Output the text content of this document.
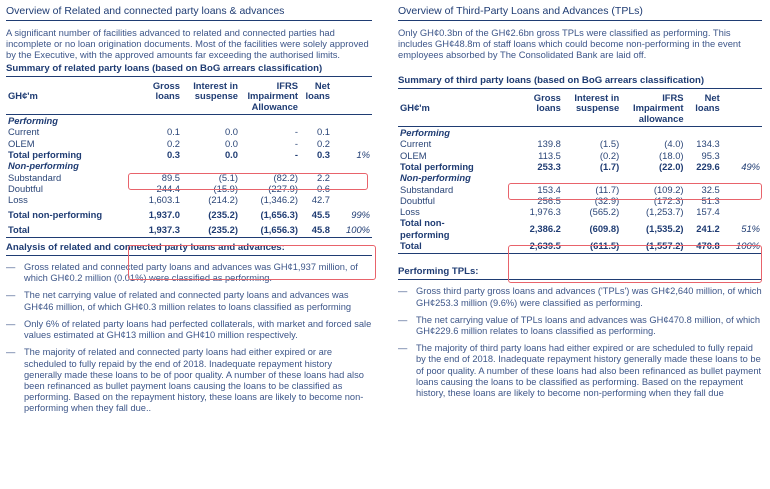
Overview of Related and connected party loans & advances
A significant number of facilities advanced to related and connected parties had incomplete or no loan origination documents. Most of the facilities were solely approved by the Executive, with the approved amounts far exceeding the authorised limits.
Summary of related party loans (based on BoG arrears classification)
GH¢'m	Gross loans	Interest in suspense	IFRS Impairment Allowance	Net loans	

Performing					
Current	0.1	0.0	-	0.1	
OLEM	0.2	0.0	-	0.2	
Total performing	0.3	0.0	-	0.3	1%
Non-performing					
Substandard	89.5	(5.1)	(82.2)	2.2	
Doubtful	244.4	(15.9)	(227.9)	0.6	
Loss	1,603.1	(214.2)	(1,346.2)	42.7	

Total non-performing	1,937.0	(235.2)	(1,656.3)	45.5	99%

Total	1,937.3	(235.2)	(1,656.3)	45.8	100%
Analysis of related and connected party loans and advances:
— Gross related and connected party loans and advances was GH¢1,937 million, of which GH¢0.2 million (0.01%) were classified as performing.
— The net carrying value of related and connected party loans and advances was GH¢46 million, of which GH¢0.3 million relates to loans classified as performing
— Only 6% of related party loans had perfected collaterals, with market and forced sale values estimated at GH¢13 million and GH¢10 million respectively.
— The majority of related and connected party loans had either expired or are scheduled to fully repaid by the end of 2018. Inadequate repayment history generally made these loans to be of poor quality. A number of these loans had also been refinanced as bullet payment loans causing the loans to be classified as performing. Based on the repayment history, these loans are likely to become non-performing when they fall due..
Overview of Third-Party Loans and Advances (TPLs)
Only GH¢0.3bn of the GH¢2.6bn gross TPLs were classified as performing. This includes GH¢48.8m of staff loans which could become non-performing in the event employees absorbed by The Consolidated Bank are laid off.
Summary of third party loans (based on BoG arrears classification)
GH¢'m	Gross loans	Interest in suspense	IFRS Impairment allowance	Net loans	

Performing					
Current	139.8	(1.5)	(4.0)	134.3	
OLEM	113.5	(0.2)	(18.0)	95.3	
Total performing	253.3	(1.7)	(22.0)	229.6	49%
Non-performing					
Substandard	153.4	(11.7)	(109.2)	32.5	
Doubtful	256.5	(32.9)	(172.3)	51.3	
Loss	1,976.3	(565.2)	(1,253.7)	157.4	
Total non-
performing	2,386.2	(609.8)	(1,535.2)	241.2	51%
Total	2,639.5	(611.5)	(1,557.2)	470.8	100%
Performing TPLs:
— Gross third party gross loans and advances ('TPLs') was GH¢2,640 million, of which GH¢253.3 million (9.6%) were classified as performing.
— The net carrying value of TPLs loans and advances was GH¢470.8 million, of which GH¢229.6 million relates to loans classified as performing.
— The majority of third party loans had either expired or are scheduled to fully repaid by the end of 2018. Inadequate repayment history generally made these loans to be of poor quality. A number of these loans had also been refinanced as bullet payment loans causing the loans to be classified as performing. Based on the repayment history, these loans are likely to become non-performing when they fall due
